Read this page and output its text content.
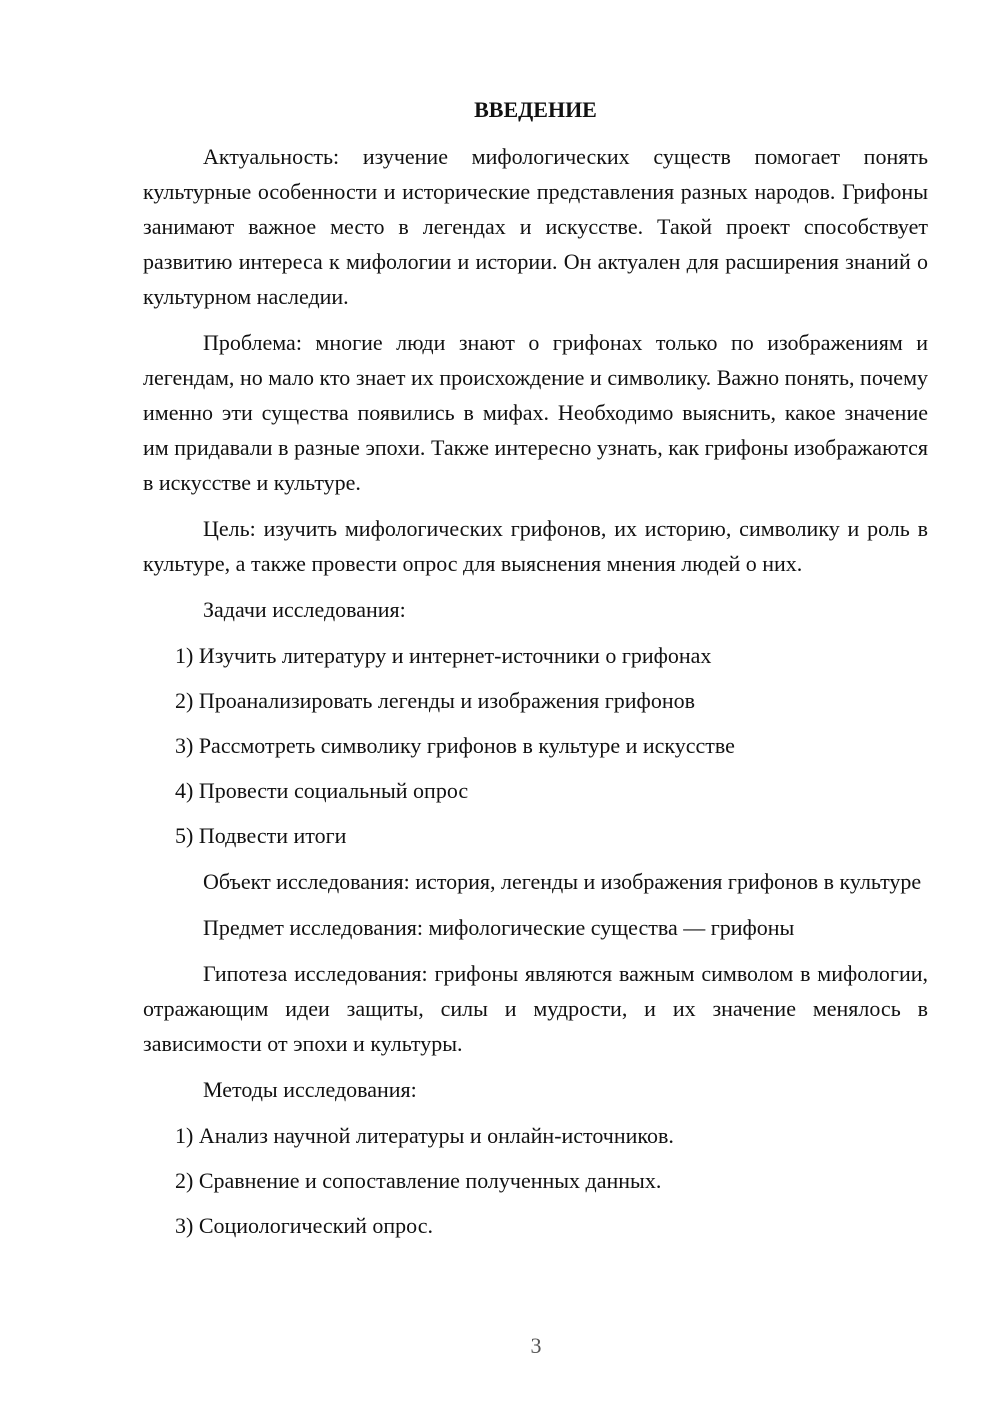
ВВЕДЕНИЕ

Актуальность: изучение мифологических существ помогает понять культурные особенности и исторические представления разных народов. Грифоны занимают важное место в легендах и искусстве. Такой проект способствует развитию интереса к мифологии и истории. Он актуален для расширения знаний о культурном наследии.

Проблема: многие люди знают о грифонах только по изображениям и легендам, но мало кто знает их происхождение и символику. Важно понять, почему именно эти существа появились в мифах. Необходимо выяснить, какое значение им придавали в разные эпохи. Также интересно узнать, как грифоны изображаются в искусстве и культуре.

Цель: изучить мифологических грифонов, их историю, символику и роль в культуре, а также провести опрос для выяснения мнения людей о них.

Задачи исследования:

1) Изучить литературу и интернет-источники о грифонах
2) Проанализировать легенды и изображения грифонов
3) Рассмотреть символику грифонов в культуре и искусстве
4) Провести социальный опрос
5) Подвести итоги

Объект исследования: история, легенды и изображения грифонов в культуре

Предмет исследования: мифологические существа — грифоны

Гипотеза исследования: грифоны являются важным символом в мифологии, отражающим идеи защиты, силы и мудрости, и их значение менялось в зависимости от эпохи и культуры.

Методы исследования:

1) Анализ научной литературы и онлайн-источников.
2) Сравнение и сопоставление полученных данных.
3) Социологический опрос.
3
